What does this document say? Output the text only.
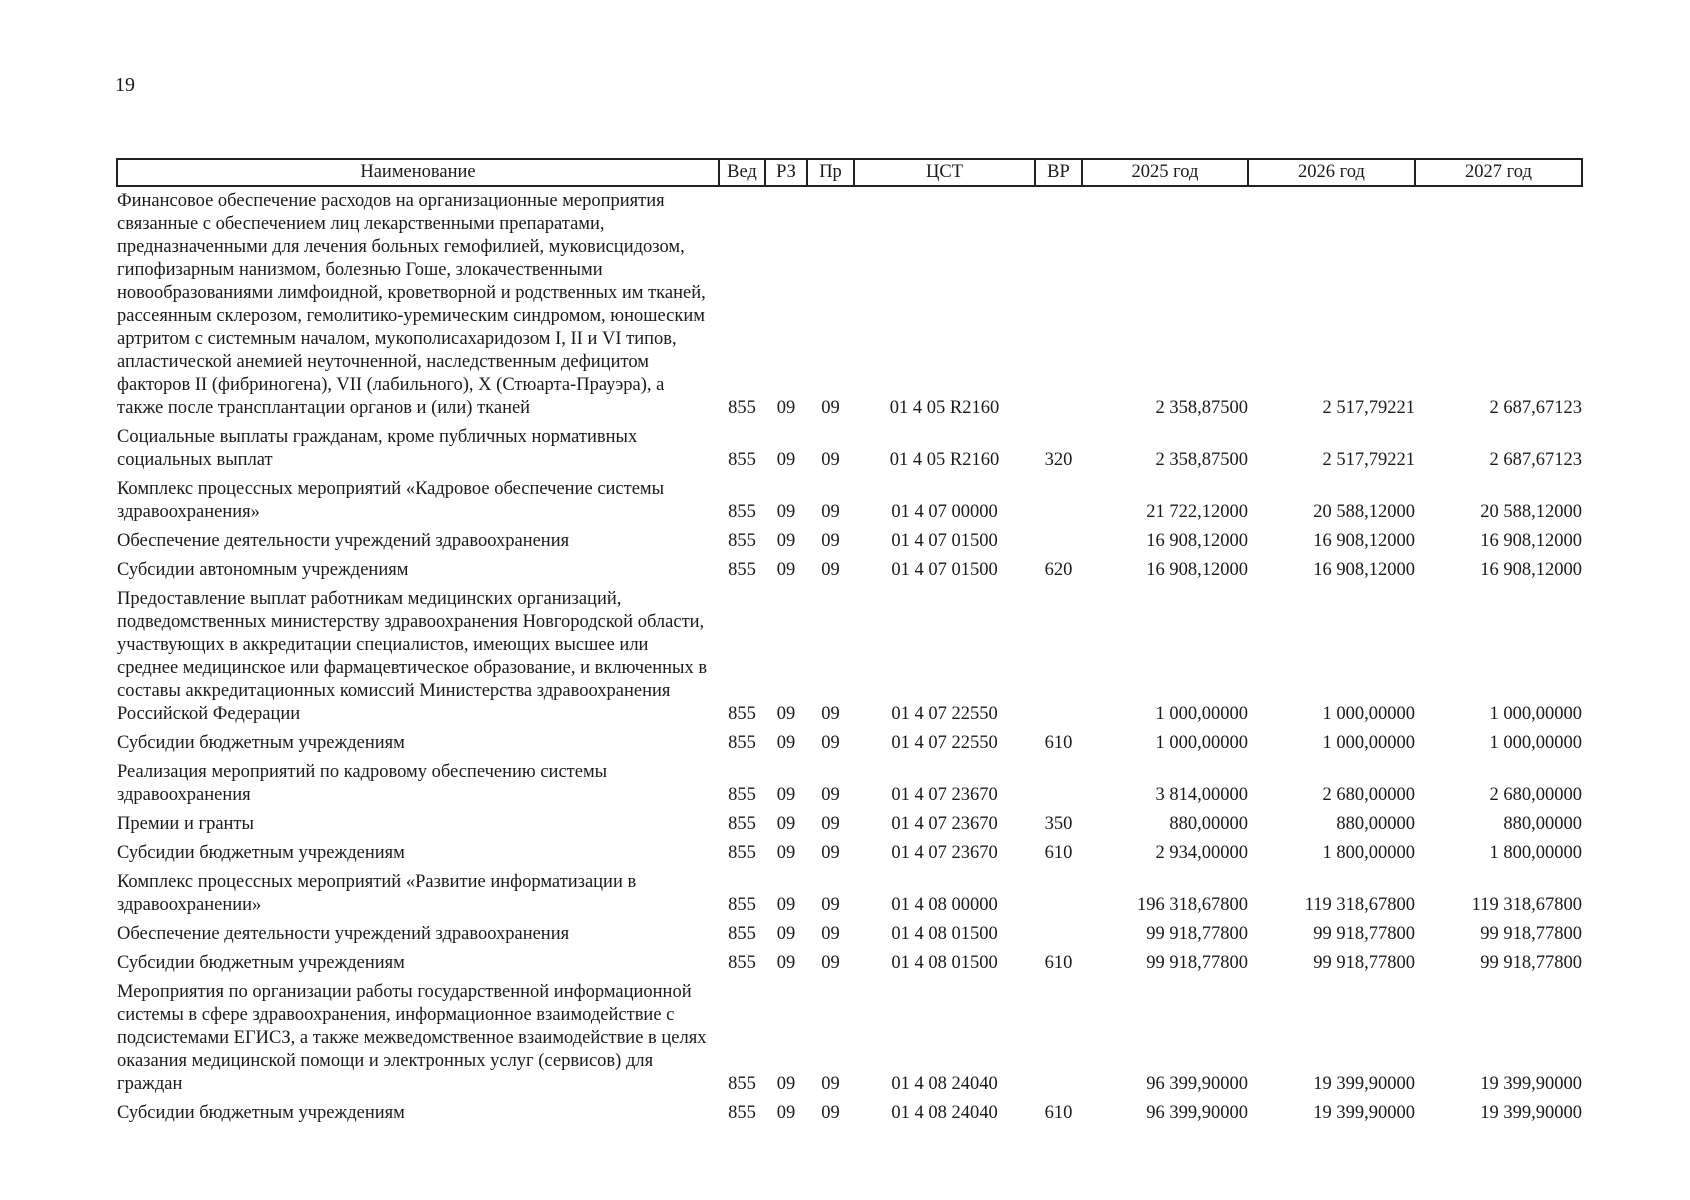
19
Наименование	Вед	РЗ	Пр	ЦСТ	ВР	2025 год	2026 год	2027 год
Финансовое обеспечение расходов на организационные мероприятия связанные с обеспечением лиц лекарственными препаратами, предназначенными для лечения больных гемофилией, муковисцидозом, гипофизарным нанизмом, болезнью Гоше, злокачественными новообразованиями лимфоидной, кроветворной и родственных им тканей, рассеянным склерозом, гемолитико-уремическим синдромом, юношеским артритом с системным началом, мукополисахаридозом I, II и VI типов, апластической анемией неуточненной, наследственным дефицитом факторов II (фибриногена), VII (лабильного), X (Стюарта-Прауэра), а также после трансплантации органов и (или) тканей	855	09	09	01 4 05 R2160		2 358,87500	2 517,79221	2 687,67123
Социальные выплаты гражданам, кроме публичных нормативных социальных выплат	855	09	09	01 4 05 R2160	320	2 358,87500	2 517,79221	2 687,67123
Комплекс процессных мероприятий «Кадровое обеспечение системы здравоохранения»	855	09	09	01 4 07 00000		21 722,12000	20 588,12000	20 588,12000
Обеспечение деятельности учреждений здравоохранения	855	09	09	01 4 07 01500		16 908,12000	16 908,12000	16 908,12000
Субсидии автономным учреждениям	855	09	09	01 4 07 01500	620	16 908,12000	16 908,12000	16 908,12000
Предоставление выплат работникам медицинских организаций, подведомственных министерству здравоохранения Новгородской области, участвующих в аккредитации специалистов, имеющих высшее или среднее медицинское или фармацевтическое образование, и включенных в составы аккредитационных комиссий Министерства здравоохранения Российской Федерации	855	09	09	01 4 07 22550		1 000,00000	1 000,00000	1 000,00000
Субсидии бюджетным учреждениям	855	09	09	01 4 07 22550	610	1 000,00000	1 000,00000	1 000,00000
Реализация мероприятий по кадровому обеспечению системы здравоохранения	855	09	09	01 4 07 23670		3 814,00000	2 680,00000	2 680,00000
Премии и гранты	855	09	09	01 4 07 23670	350	880,00000	880,00000	880,00000
Субсидии бюджетным учреждениям	855	09	09	01 4 07 23670	610	2 934,00000	1 800,00000	1 800,00000
Комплекс процессных мероприятий «Развитие информатизации в здравоохранении»	855	09	09	01 4 08 00000		196 318,67800	119 318,67800	119 318,67800
Обеспечение деятельности учреждений здравоохранения	855	09	09	01 4 08 01500		99 918,77800	99 918,77800	99 918,77800
Субсидии бюджетным учреждениям	855	09	09	01 4 08 01500	610	99 918,77800	99 918,77800	99 918,77800
Мероприятия по организации работы государственной информационной системы в сфере здравоохранения, информационное взаимодействие с подсистемами ЕГИСЗ, а также межведомственное взаимодействие в целях оказания медицинской помощи и электронных услуг (сервисов) для граждан	855	09	09	01 4 08 24040		96 399,90000	19 399,90000	19 399,90000
Субсидии бюджетным учреждениям	855	09	09	01 4 08 24040	610	96 399,90000	19 399,90000	19 399,90000
